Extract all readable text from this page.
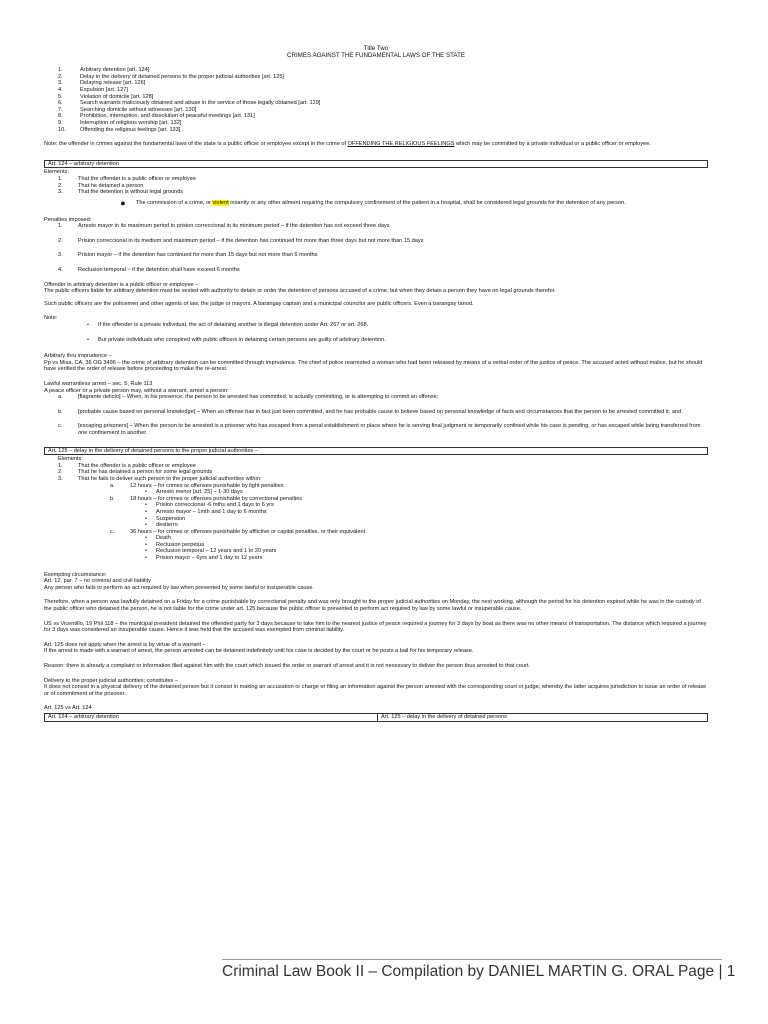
Title Two
CRIMES AGAINST THE FUNDAMENTAL LAWS OF THE STATE
1.	Arbitrary detention [art. 124]
2.	Delay in the delivery of detained persons to the proper judicial authorities [art. 125]
3.	Delaying release [art. 126]
4.	Expulsion [art. 127]
5.	Violation of domicile [art. 128]
6.	Search warrants maliciously obtained and abuse in the service of those legally obtained [art. 129]
7.	Searching domicile without witnesses [art. 130]
8.	Prohibition, interruption, and dissolution of peaceful meetings [art. 131]
9.	Interruption of religious worship [art. 132]
10.	Offending the religious feelings [art. 133]

Note: the offender in crimes against the fundamental laws of the state is a public officer or employee except in the crime of OFFENDING THE RELIGIOUS FEELINGS which may be committed by a private individual or a public officer or employee.

Art. 124 – arbitrary detention
Elements:
1.	That the offender is a public officer or employee
2.	That he detained a person
3.	That the detention is without legal grounds
●	The commission of a crime, or violent insanity or any other ailment requiring the compulsory confinement of the patient in a hospital, shall be considered legal grounds for the detention of any person.
Penalties imposed:
1.	Arresto mayor in its maximum period to prision correccional in its minimum period – if the detention has not exceed three days
2.	Prision correccional in its medium and maximum period – if the detention has continued for more than three days but not more than 15 days
3.	Prision mayor – if the detention has continued for more than 15 days but not more than 6 months
4.	Reclusion temporal – if the detention shall have exceed 6 months
Offender in arbitrary detention is a public officer or employee –

The public officers liable for arbitrary detention must be vested with authority to detain or order the detention of persons accused of a crime, but when they detain a person they have no legal grounds therefor.

Such public officers are the policemen and other agents of law, the judge or mayors. A barangay captain and a municipal councilor are public officers. Even a barangay tanod.

Note:
•	If the offender is a private individual, the act of detaining another is illegal detention under Art. 267 or art. 268.
•	But private individuals who conspired with public officers in detaining certain persons are guilty of arbitrary detention.
Arbitrary thru imprudence –

Pp vs Misa, CA, 36 OG 3496 – the crime of arbitrary detention can be committed through imprudence. The chief of police rearrested a woman who had been released by means of a verbal order of the justice of peace. The accused acted without malice, but he should have verified the order of release before proceeding to make the re-arrest.

Lawful warrantless arrest – sec. 5, Rule 113
A peace officer or a private person may, without a warrant, arrest a person:
a.	[flagrante delicto] – When, in his presence, the person to be arrested has committed, is actually committing, or is attempting to commit an offense;
b.	[probable cause based on personal knowledge] – When an offense has in fact just been committed, and he has probable cause to believe based on personal knowledge of facts and circumstances that the person to be arrested committed it; and
c.	[escaping prisoners] – When the person to be arrested is a prisoner who has escaped from a penal establishment or place where he is serving final judgment or temporarily confined while his case is pending, or has escaped while being transferred from one confinement to another.
Art. 125 – delay in the delivery of detained persons to the proper judicial authorities –
Elements:
1.	That the offender is a public officer or employee
2.	That he has detained a person for some legal grounds
3.	That he fails to deliver such person to the proper judicial authorities within:
a.	12 hours – for crimes or offenses punishable by light penalties
•	Arresto menor [art. 25] – 1-30 days
b.	18 hours – for crimes or offenses punishable by correctional penalties
•	Prision correccional -6 mths and 1 days to 6 yrs
•	Arresto mayor – 1mth and 1 day to 6 months
•	Suspension
•	destierro
c.	36 hours – for crimes or offenses punishable by afflictive or capital penalties, or their equivalent
•	Death
•	Reclusion perpetua
•	Reclusion temporal – 12 years and 1 to 20 years
•	Prision mayor – 6yrs and 1 day to 12 years
Exempting circumstance:
Art. 12, par. 7 – no criminal and civil liability
Any person who fails to perform an act required by law when prevented by some lawful or insuperable cause.

Therefore, when a person was lawfully detained on a Friday for a crime punishable by correctional penalty and was only brought to the proper judicial authorities on Monday, the next working, although the period for his detention expired while he was in the custody of the public officer who detained the person, he is not liable for the crime under art. 125 because the public officer is prevented to perform act required by law by some lawful or insuperable cause.

US vs Vicentillo, 19 Phil 118 – the municipal president detained the offended party for 3 days because to take him to the nearest justice of peace required a journey for 3 days by boat as there was no other means of transportation. The distance which required a journey for 3 days was considered an insuperable cause. Hence it was held that the accused was exempted from criminal liability.

Art. 125 does not apply when the arrest is by virtue of a warrant –

If the arrest is made with a warrant of arrest, the person arrested can be detained indefinitely until his case is decided by the court or he posts a bail for his temporary release.

Reason: there is already a complaint or information filed against him with the court which issued the order or warrant of arrest and it is not necessary to deliver the person thus arrested to that court.

Delivery to the proper judicial authorities; constitutes –

It does not consist in a physical delivery of the detained person but it consist in making an accusation or charge or filing an information against the person arrested with the corresponding court or judge, whereby the latter acquires jurisdiction to issue an order of release or of commitment of the prisoner.

Art. 125 vs Art. 124
Art. 124 – arbitrary detention	Art. 125 – delay in the delivery of detained persons
Criminal Law Book II – Compilation by DANIEL MARTIN G. ORAL Page | 1
